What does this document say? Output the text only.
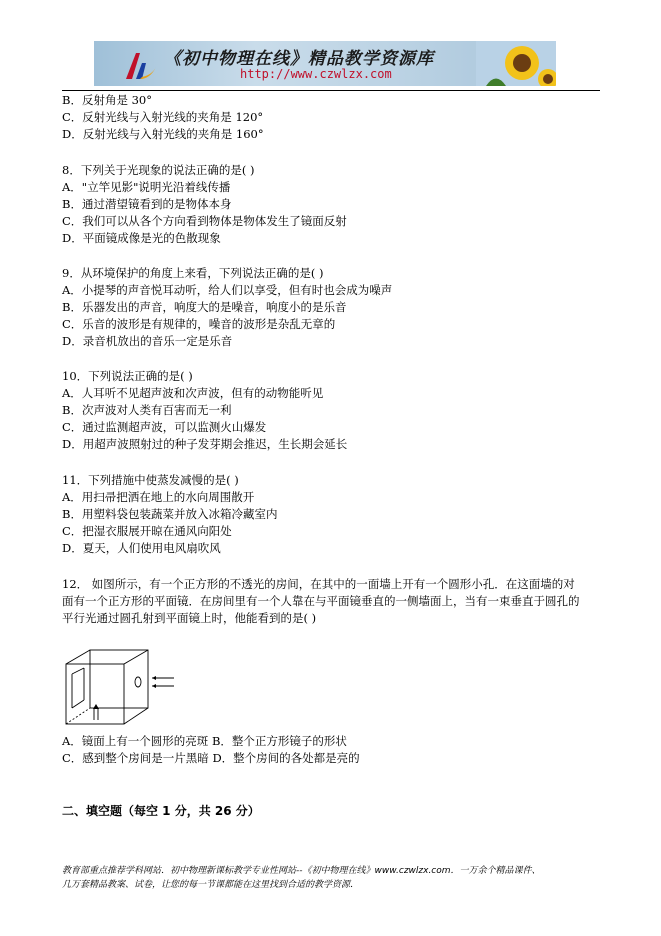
《初中物理在线》精品教学资源库
http://www.czwlzx.com
B．反射角是 30°
C．反射光线与入射光线的夹角是 120°
D．反射光线与入射光线的夹角是 160°
8．下列关于光现象的说法正确的是( )
A．"立竿见影"说明光沿着线传播
B．通过潜望镜看到的是物体本身
C．我们可以从各个方向看到物体是物体发生了镜面反射
D．平面镜成像是光的色散现象
9．从环境保护的角度上来看，下列说法正确的是( )
A．小提琴的声音悦耳动听，给人们以享受，但有时也会成为噪声
B．乐器发出的声音，响度大的是噪音，响度小的是乐音
C．乐音的波形是有规律的，噪音的波形是杂乱无章的
D．录音机放出的音乐一定是乐音
10．下列说法正确的是( )
A．人耳听不见超声波和次声波，但有的动物能听见
B．次声波对人类有百害而无一利
C．通过监测超声波，可以监测火山爆发
D．用超声波照射过的种子发芽期会推迟，生长期会延长
11．下列措施中使蒸发减慢的是( )
A．用扫帚把洒在地上的水向周围散开
B．用塑料袋包装蔬菜并放入冰箱冷藏室内
C．把湿衣服展开晾在通风向阳处
D．夏天，人们使用电风扇吹风
12． 如图所示，有一个正方形的不透光的房间，在其中的一面墙上开有一个圆形小孔．在这面墙的对
面有一个正方形的平面镜．在房间里有一个人靠在与平面镜垂直的一侧墙面上，当有一束垂直于圆孔的
平行光通过圆孔射到平面镜上时，他能看到的是( )
A．镜面上有一个圆形的亮斑 B．整个正方形镜子的形状
C．感到整个房间是一片黑暗 D．整个房间的各处都是亮的
二、填空题（每空 1 分，共 26 分）
教育部重点推荐学科网站．初中物理新课标教学专业性网站--《初中物理在线》www.czwlzx.com．一万余个精品课件、
几万套精品教案、试卷，让您的每一节课都能在这里找到合适的教学资源．
